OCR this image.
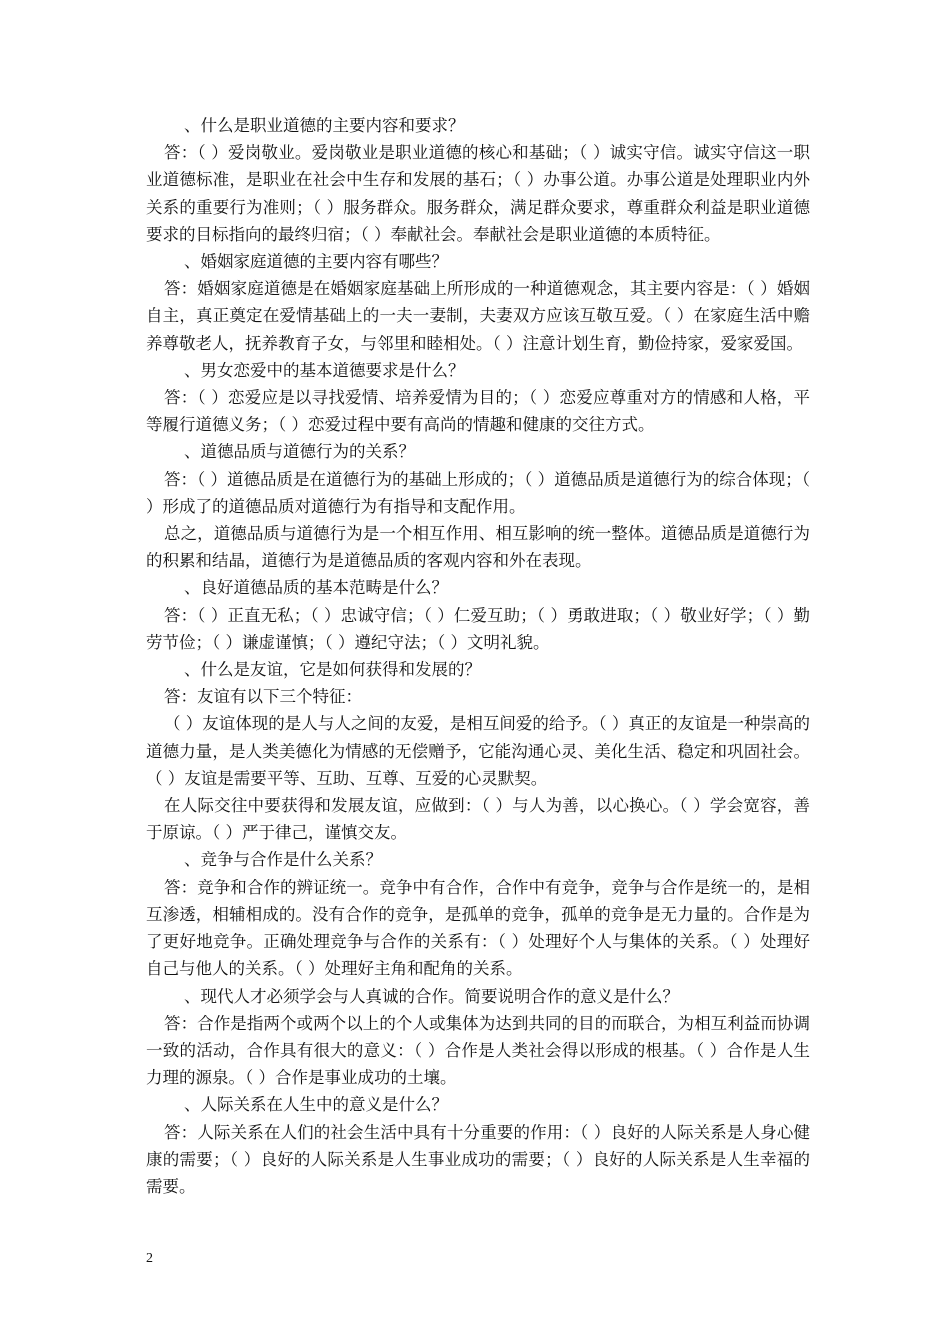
、什么是职业道德的主要内容和要求？

答：（ ）爱岗敬业。爱岗敬业是职业道德的核心和基础；（ ）诚实守信。诚实守信这一职业道德标准，是职业在社会中生存和发展的基石；（ ）办事公道。办事公道是处理职业内外关系的重要行为准则；（ ）服务群众。服务群众，满足群众要求，尊重群众利益是职业道德要求的目标指向的最终归宿；（ ）奉献社会。奉献社会是职业道德的本质特征。

、婚姻家庭道德的主要内容有哪些？

答：婚姻家庭道德是在婚姻家庭基础上所形成的一种道德观念，其主要内容是：（ ）婚姻自主，真正奠定在爱情基础上的一夫一妻制，夫妻双方应该互敬互爱。（ ）在家庭生活中赡养尊敬老人，抚养教育子女，与邻里和睦相处。（ ）注意计划生育，勤俭持家，爱家爱国。

、男女恋爱中的基本道德要求是什么？

答：（ ）恋爱应是以寻找爱情、培养爱情为目的；（ ）恋爱应尊重对方的情感和人格，平等履行道德义务；（ ）恋爱过程中要有高尚的情趣和健康的交往方式。

、道德品质与道德行为的关系？

答：（ ）道德品质是在道德行为的基础上形成的；（ ）道德品质是道德行为的综合体现；（ ）形成了的道德品质对道德行为有指导和支配作用。

总之，道德品质与道德行为是一个相互作用、相互影响的统一整体。道德品质是道德行为的积累和结晶，道德行为是道德品质的客观内容和外在表现。

、良好道德品质的基本范畴是什么？

答：（ ）正直无私；（ ）忠诚守信；（ ）仁爱互助；（ ）勇敢进取；（ ）敬业好学；（ ）勤劳节俭；（ ）谦虚谨慎；（ ）遵纪守法；（ ）文明礼貌。

、什么是友谊，它是如何获得和发展的？

答：友谊有以下三个特征：

（ ）友谊体现的是人与人之间的友爱，是相互间爱的给予。（ ）真正的友谊是一种崇高的道德力量，是人类美德化为情感的无偿赠予，它能沟通心灵、美化生活、稳定和巩固社会。（ ）友谊是需要平等、互助、互尊、互爱的心灵默契。

在人际交往中要获得和发展友谊，应做到：（ ）与人为善，以心换心。（ ）学会宽容，善于原谅。（ ）严于律己，谨慎交友。

、竞争与合作是什么关系？

答：竞争和合作的辨证统一。竞争中有合作，合作中有竞争，竞争与合作是统一的，是相互渗透，相辅相成的。没有合作的竞争，是孤单的竞争，孤单的竞争是无力量的。合作是为了更好地竞争。正确处理竞争与合作的关系有：（ ）处理好个人与集体的关系。（ ）处理好自己与他人的关系。（ ）处理好主角和配角的关系。

、现代人才必须学会与人真诚的合作。简要说明合作的意义是什么？

答：合作是指两个或两个以上的个人或集体为达到共同的目的而联合，为相互利益而协调一致的活动，合作具有很大的意义：（ ）合作是人类社会得以形成的根基。（ ）合作是人生力理的源泉。（ ）合作是事业成功的土壤。

、人际关系在人生中的意义是什么？

答：人际关系在人们的社会生活中具有十分重要的作用：（ ）良好的人际关系是人身心健康的需要；（ ）良好的人际关系是人生事业成功的需要；（ ）良好的人际关系是人生幸福的需要。

2
